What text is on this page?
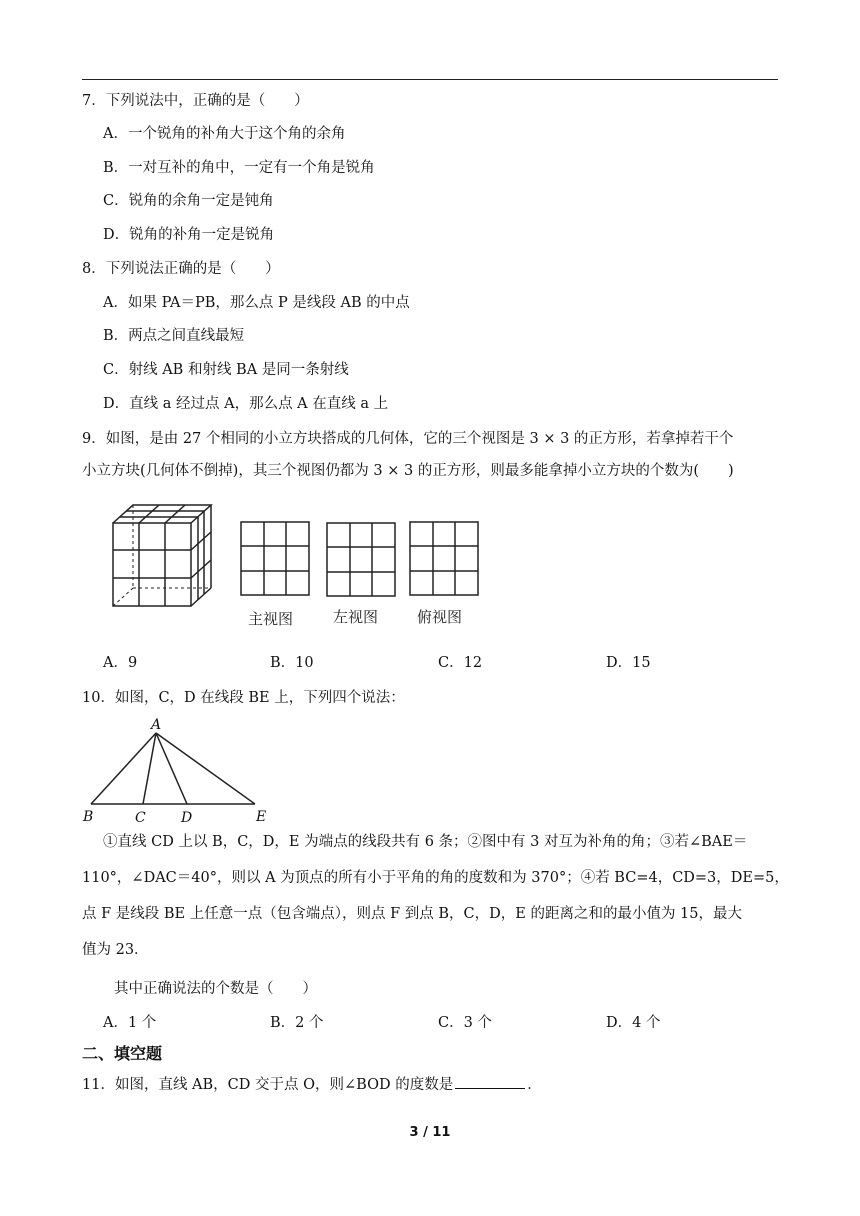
7．下列说法中，正确的是（　　）
A．一个锐角的补角大于这个角的余角
B．一对互补的角中，一定有一个角是锐角
C．锐角的余角一定是钝角
D．锐角的补角一定是锐角
8．下列说法正确的是（　　）
A．如果 PA＝PB，那么点 P 是线段 AB 的中点
B．两点之间直线最短
C．射线 AB 和射线 BA 是同一条射线
D．直线 a 经过点 A，那么点 A 在直线 a 上
9．如图，是由 27 个相同的小立方块搭成的几何体，它的三个视图是 3 × 3 的正方形，若拿掉若干个
小立方块(几何体不倒掉)，其三个视图仍都为 3 × 3 的正方形，则最多能拿掉小立方块的个数为(　　)
主视图	左视图	俯视图
A
B	C	D	E
A．9	B．10	C．12	D．15
10．如图，C，D 在线段 BE 上，下列四个说法：
①直线 CD 上以 B，C，D，E 为端点的线段共有 6 条；②图中有 3 对互为补角的角；③若∠BAE＝
110°，∠DAC＝40°，则以 A 为顶点的所有小于平角的角的度数和为 370°；④若 BC=4，CD=3，DE=5，
点 F 是线段 BE 上任意一点（包含端点），则点 F 到点 B，C，D，E 的距离之和的最小值为 15，最大
值为 23．
其中正确说法的个数是（　　）
A．1 个	B．2 个	C．3 个	D．4 个
二、填空题
11．如图，直线 AB，CD 交于点 O，则∠BOD 的度数是	．
3 / 11
